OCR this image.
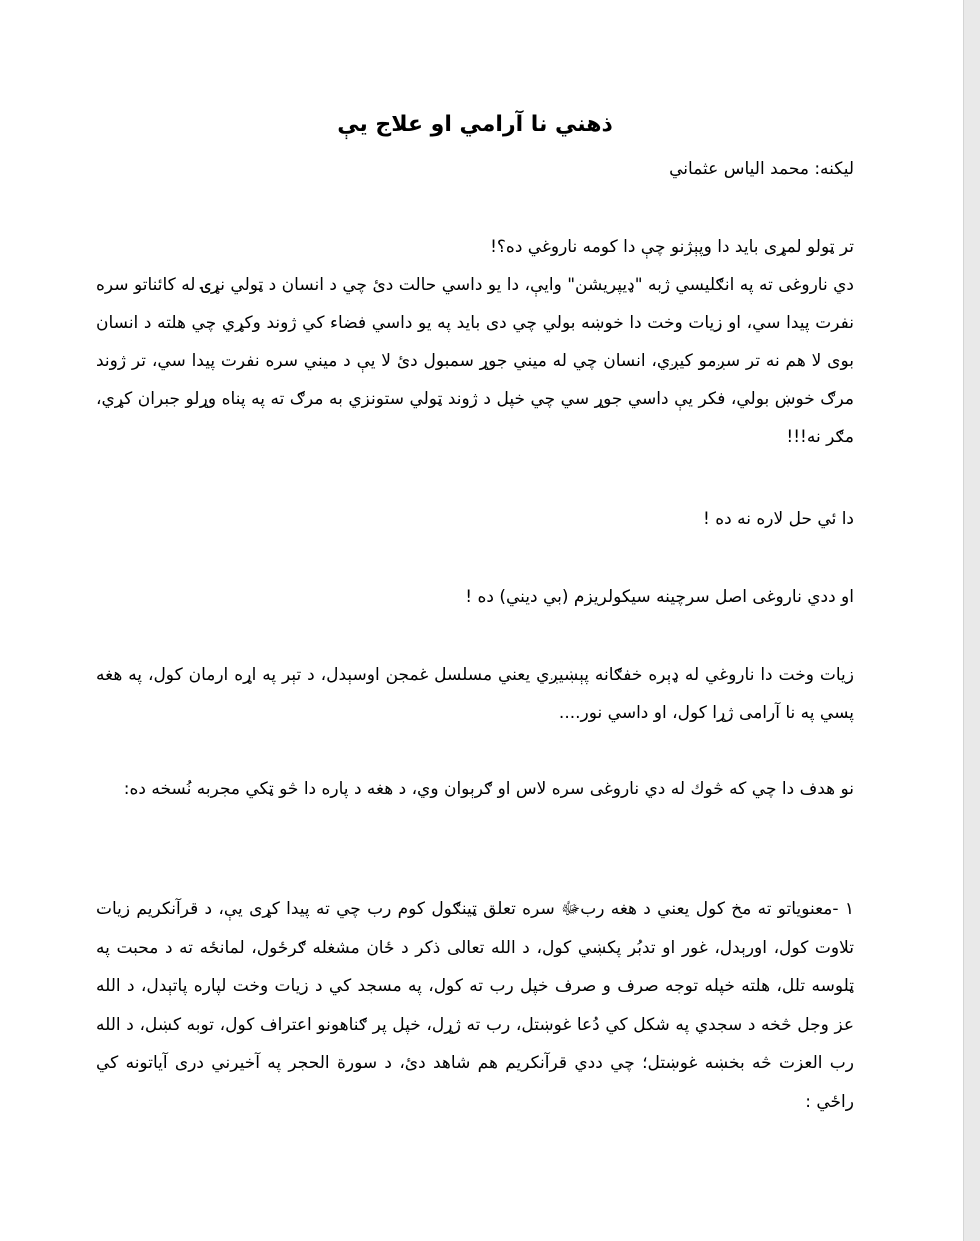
ذهني نا آرامي او علاج يې
ليکنه: محمد الياس عثماني
تر ټولو لمړی باید دا وپېژنو چې دا کومه ناروغي ده؟!
دي ناروغی ته په انګلیسي ژبه "ډیپریشن" وایې، دا یو داسي حالت دئ چي د انسان د ټولي نړۍ له کائناتو سره نفرت پیدا سي، او زیات وخت دا خوښه بولي چي دی باید په یو داسي فضاء کي ژوند وکړي چي هلته د انسان بوی لا هم نه تر سږمو کیږي، انسان چي له میني جوړ سمبول دئ لا یې د میني سره نفرت پیدا سي، تر ژوند مرګ خوښ بولي، فکر یې داسي جوړ سي چي خپل د ژوند ټولي ستونزي به مرګ ته په پناه وړلو جبران کړي، مګر نه!!!
دا ئي حل لاره نه ده !
او ددي ناروغی اصل سرچینه سیکولریزم (بي دیني) ده !
زیات وخت دا ناروغي له ډېره خفګانه پېښیږي یعني مسلسل غمجن اوسېدل، د تېر په اړه ارمان کول، په هغه پسي په نا آرامی ژړا کول، او داسي نور....
نو هدف دا چي که څوك له دي ناروغی سره لاس او ګرېوان وي، د هغه د پاره دا څو ټکي مجربه نُسخه ده:
۱ -معنویاتو ته مخ کول یعني د هغه ربﷻ سره تعلق ټینګول کوم رب چي ته پیدا کړی یې، د قرآنکریم زیات تلاوت کول، اورېدل، غور او تدبُر پکښي کول، د الله تعالی ذکر د ځان مشغله ګرځول، لمانځه ته د محبت په ټلوسه تلل، هلته خپله توجه صرف و صرف خپل رب ته کول، په مسجد کي د زیات وخت لپاره پاتېدل، د الله عز وجل څخه د سجدي په شکل کي دُعا غوښتل، رب ته ژړل، خپل پر ګناهونو اعتراف کول، توبه کښل، د الله رب العزت څه بخښه غوښتل؛ چي ددي قرآنکریم هم شاهد دئ، د سورة الحجر په آخیرني دری آیاتونه کي راځي :
